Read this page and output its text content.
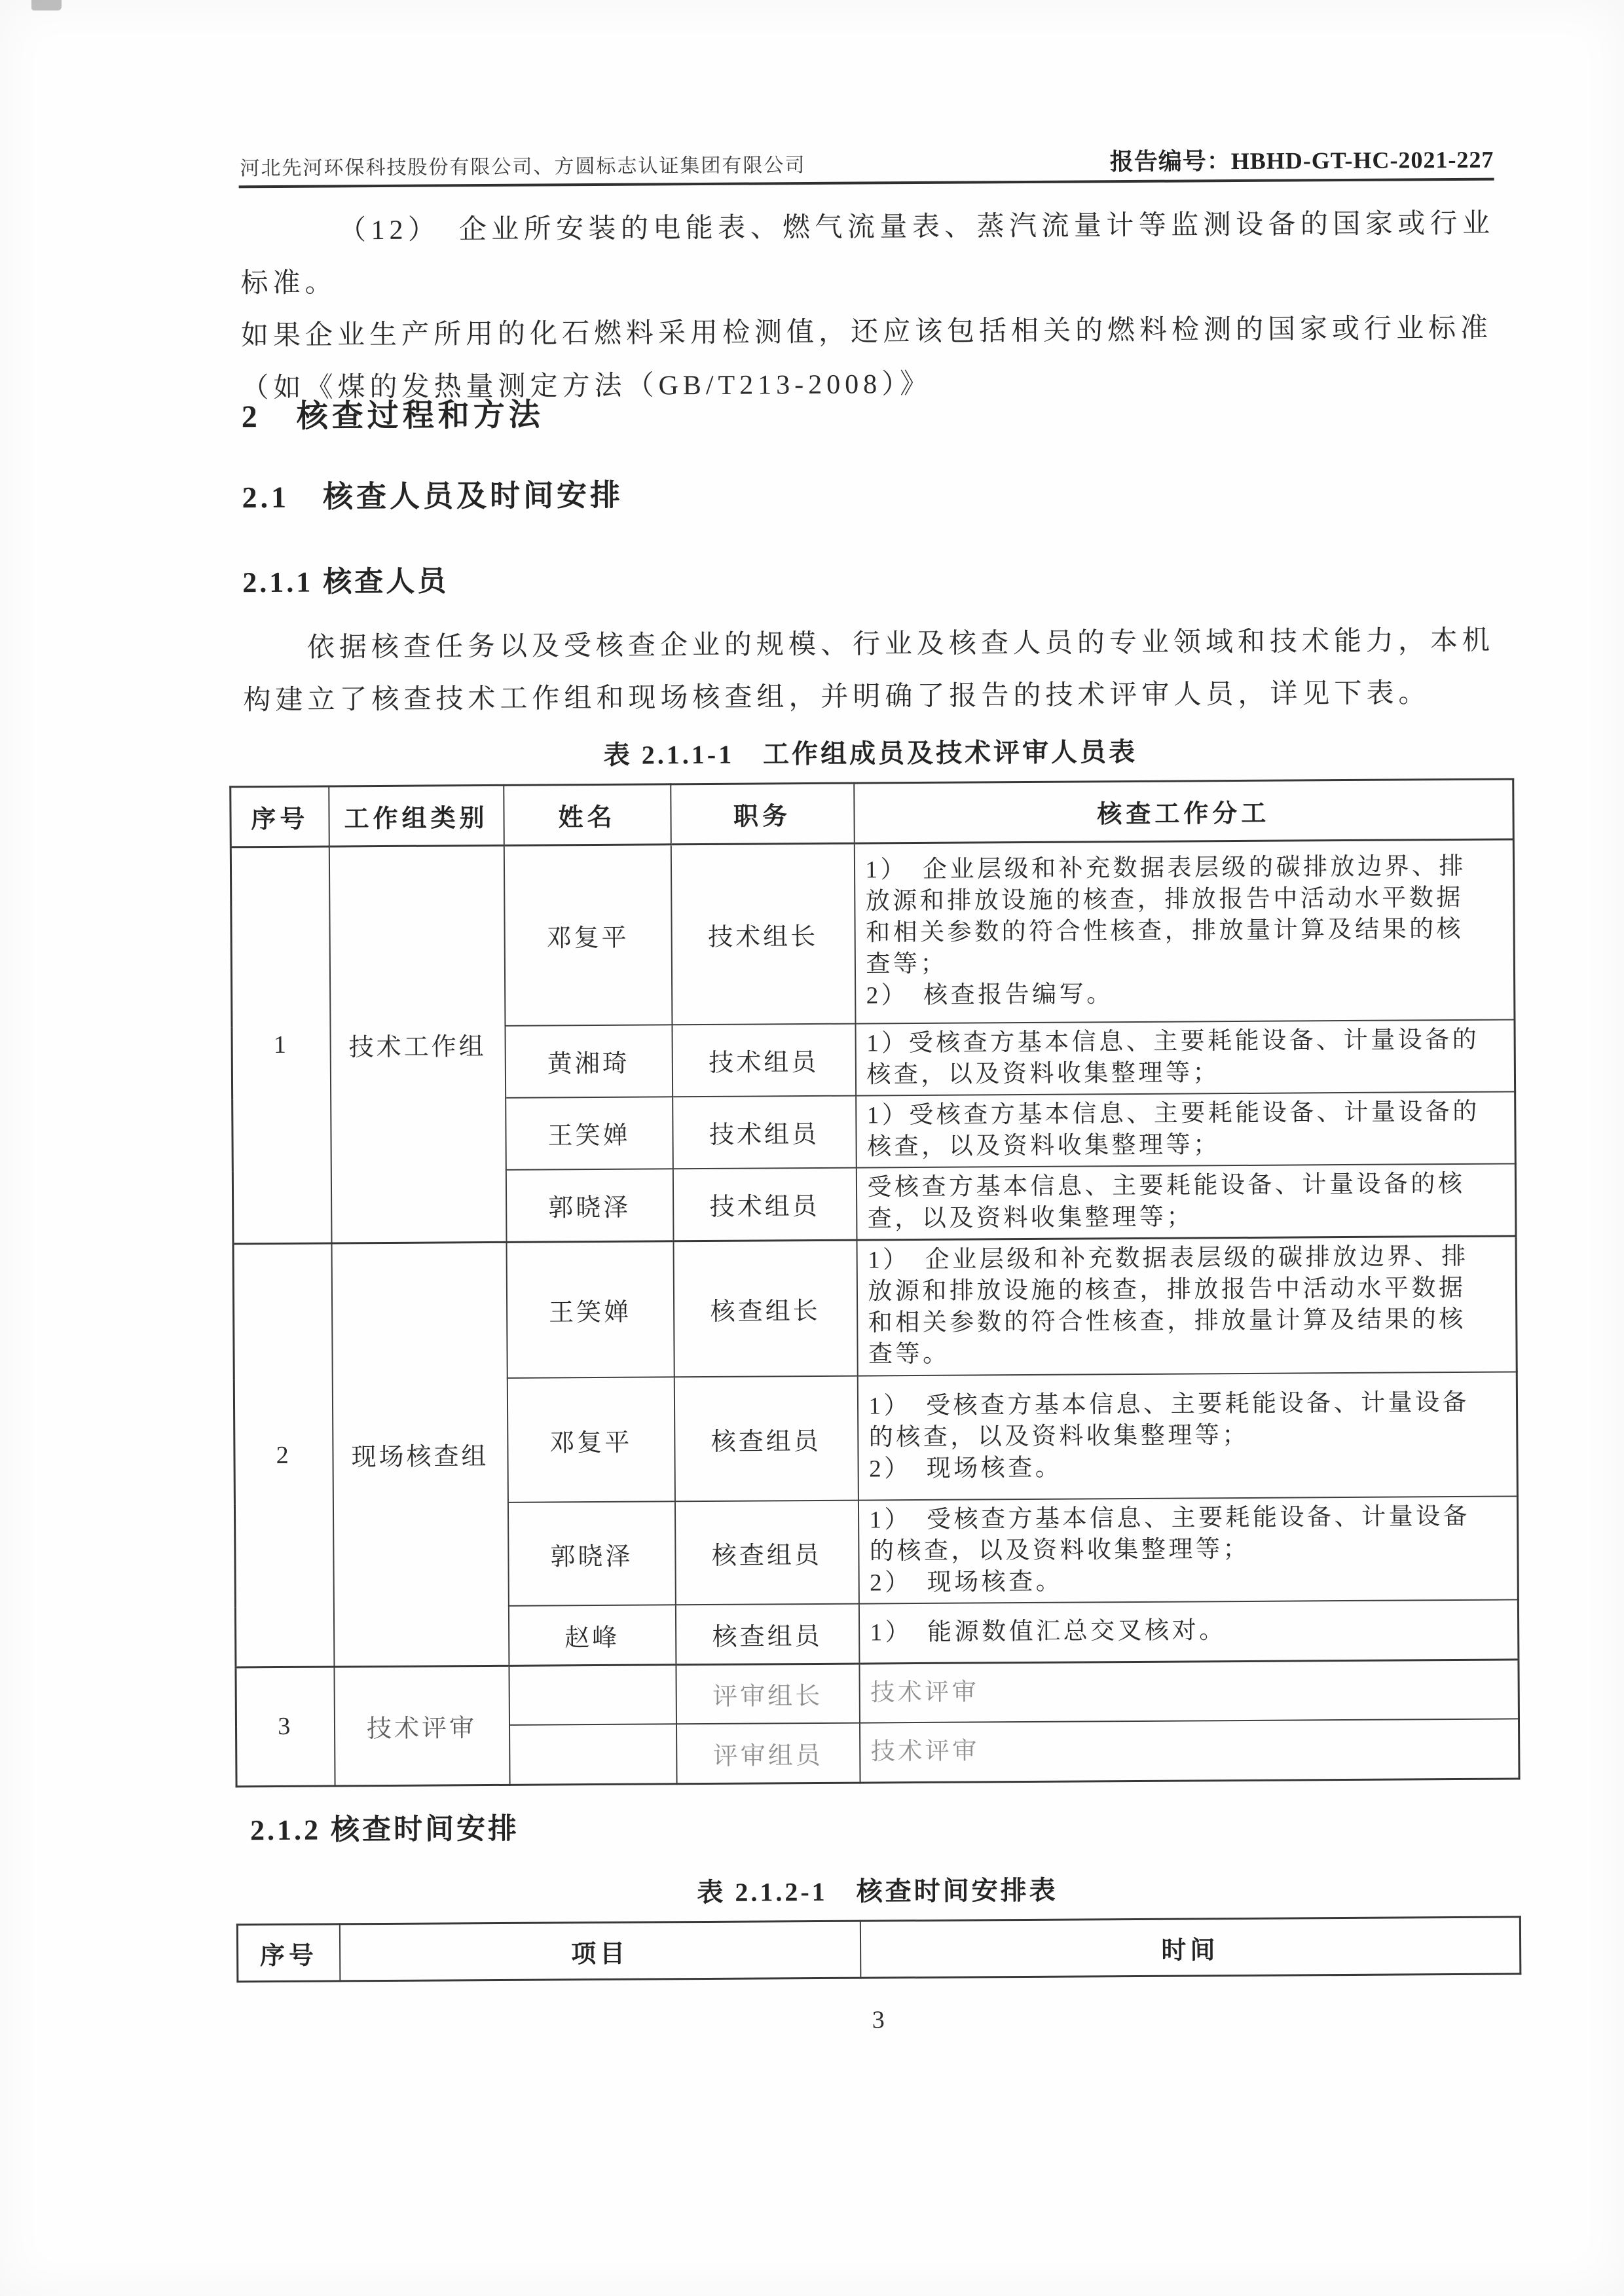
河北先河环保科技股份有限公司、方圆标志认证集团有限公司	报告编号：HBHD-GT-HC-2021-227

（12）　企业所安装的电能表、燃气流量表、蒸汽流量计等监测设备的国家或行业标准。
如果企业生产所用的化石燃料采用检测值，还应该包括相关的燃料检测的国家或行业标准
（如《煤的发热量测定方法（GB/T213-2008）》

2　核查过程和方法
2.1　核查人员及时间安排
2.1.1 核查人员

依据核查任务以及受核查企业的规模、行业及核查人员的专业领域和技术能力，本机
构建立了核查技术工作组和现场核查组，并明确了报告的技术评审人员，详见下表。

表 2.1.1-1　工作组成员及技术评审人员表
序号	工作组类别	姓名	职务	核查工作分工
1	技术工作组	邓复平	技术组长	1）　企业层级和补充数据表层级的碳排放边界、排
放源和排放设施的核查，排放报告中活动水平数据
和相关参数的符合性核查，排放量计算及结果的核
查等；
2）　核查报告编写。
		黄湘琦	技术组员	1）受核查方基本信息、主要耗能设备、计量设备的
核查，以及资料收集整理等；
		王笑婵	技术组员	1）受核查方基本信息、主要耗能设备、计量设备的
核查，以及资料收集整理等；
		郭晓泽	技术组员	受核查方基本信息、主要耗能设备、计量设备的核
查，以及资料收集整理等；
2	现场核查组	王笑婵	核查组长	1）　企业层级和补充数据表层级的碳排放边界、排
放源和排放设施的核查，排放报告中活动水平数据
和相关参数的符合性核查，排放量计算及结果的核
查等。
		邓复平	核查组员	1）　受核查方基本信息、主要耗能设备、计量设备
的核查，以及资料收集整理等；
2）　现场核查。
		郭晓泽	核查组员	1）　受核查方基本信息、主要耗能设备、计量设备
的核查，以及资料收集整理等；
2）　现场核查。
		赵峰	核查组员	1）　能源数值汇总交叉核对。
3	技术评审		评审组长	技术评审
			评审组员	技术评审
2.1.2 核查时间安排
表 2.1.2-1　核查时间安排表
序号	项目	时间
3
